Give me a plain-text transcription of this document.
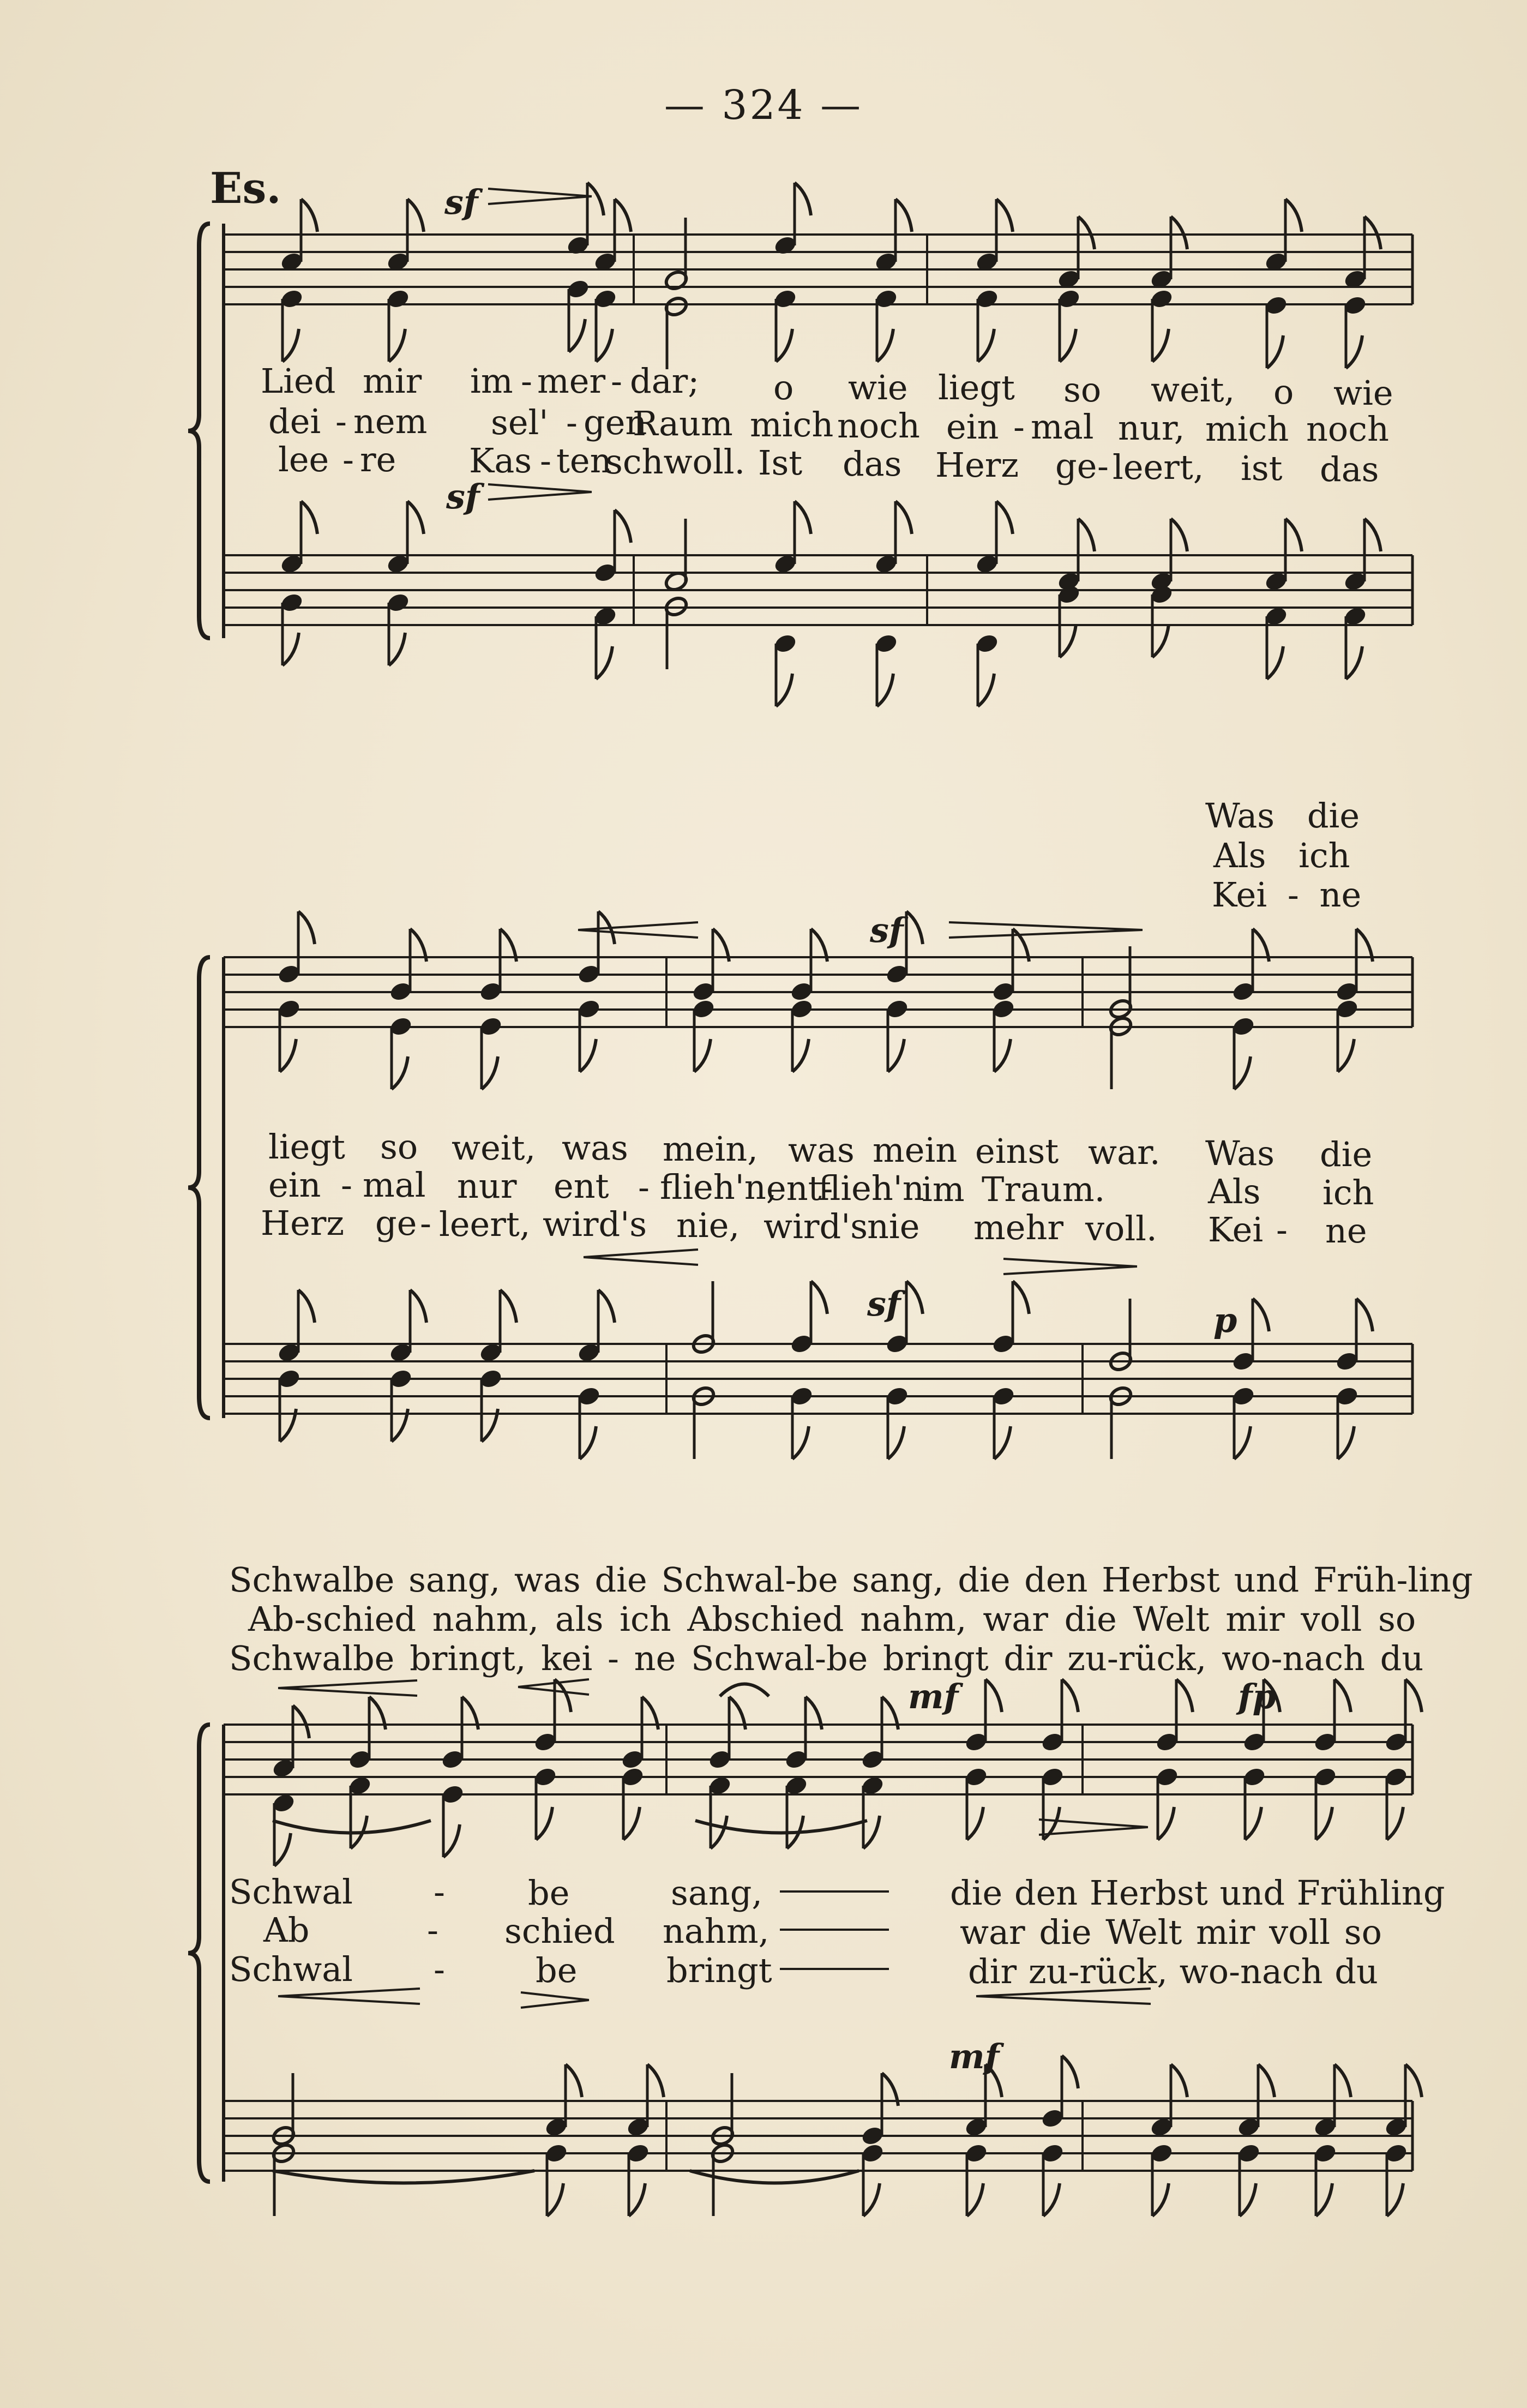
— 324 —
Es.
Lied mir im - mer - dar; o wie liegt so weit, o wie
dei - nem sel' - gen
Raum mich noch ein - mal nur, mich noch
lee - re Kas - ten
schwoll. Ist das Herz ge - leert, ist das
Was die
Als ich
Kei - ne
liegt so weit, was mein, was mein einst war. Was die
ein - mal nur ent - flieh'n,
ent-
flieh'n
im Traum.	Als ich
Herz ge - leert, wird's nie, wird's
nie mehr voll. Kei - ne
Schwalbe sang, was die Schwal-be sang, die den Herbst und Früh-ling
Ab-schied nahm, als ich Abschied nahm, war die Welt mir voll so
Schwalbe bringt, kei - ne Schwal-be bringt dir zu-rück, wo-nach du
Schwal - be	sang,	die den Herbst und Frühling
Ab	- schied nahm,	war die Welt mir voll so
Schwal -	be	bringt	dir zu-rück, wo-nach du
sf
sf
sf
sf	p
mf	fp
mf
